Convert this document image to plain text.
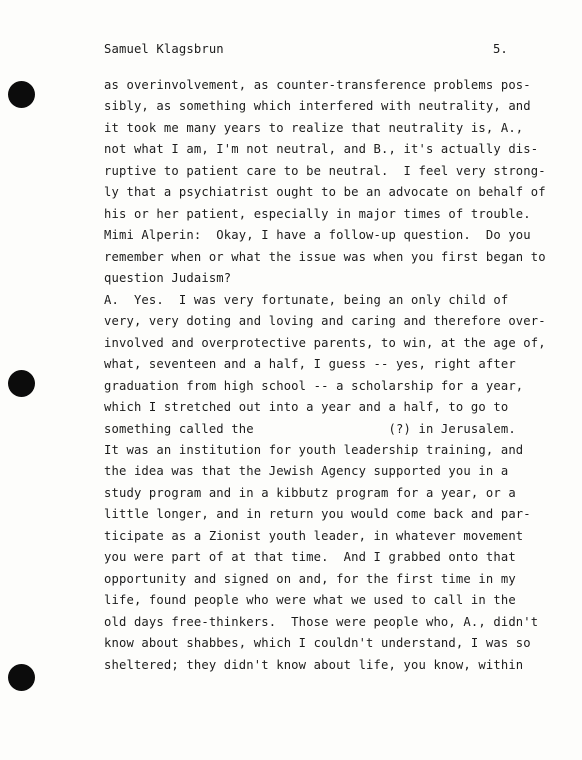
Samuel Klagsbrun	5.
as overinvolvement, as counter-transference problems pos-
sibly, as something which interfered with neutrality, and
it took me many years to realize that neutrality is, A.,
not what I am, I'm not neutral, and B., it's actually dis-
ruptive to patient care to be neutral.  I feel very strong-
ly that a psychiatrist ought to be an advocate on behalf of
his or her patient, especially in major times of trouble.
Mimi Alperin:  Okay, I have a follow-up question.  Do you
remember when or what the issue was when you first began to
question Judaism?
A.  Yes.  I was very fortunate, being an only child of
very, very doting and loving and caring and therefore over-
involved and overprotective parents, to win, at the age of,
what, seventeen and a half, I guess -- yes, right after
graduation from high school -- a scholarship for a year,
which I stretched out into a year and a half, to go to
something called the                  (?) in Jerusalem.
It was an institution for youth leadership training, and
the idea was that the Jewish Agency supported you in a
study program and in a kibbutz program for a year, or a
little longer, and in return you would come back and par-
ticipate as a Zionist youth leader, in whatever movement
you were part of at that time.  And I grabbed onto that
opportunity and signed on and, for the first time in my
life, found people who were what we used to call in the
old days free-thinkers.  Those were people who, A., didn't
know about shabbes, which I couldn't understand, I was so
sheltered; they didn't know about life, you know, within
